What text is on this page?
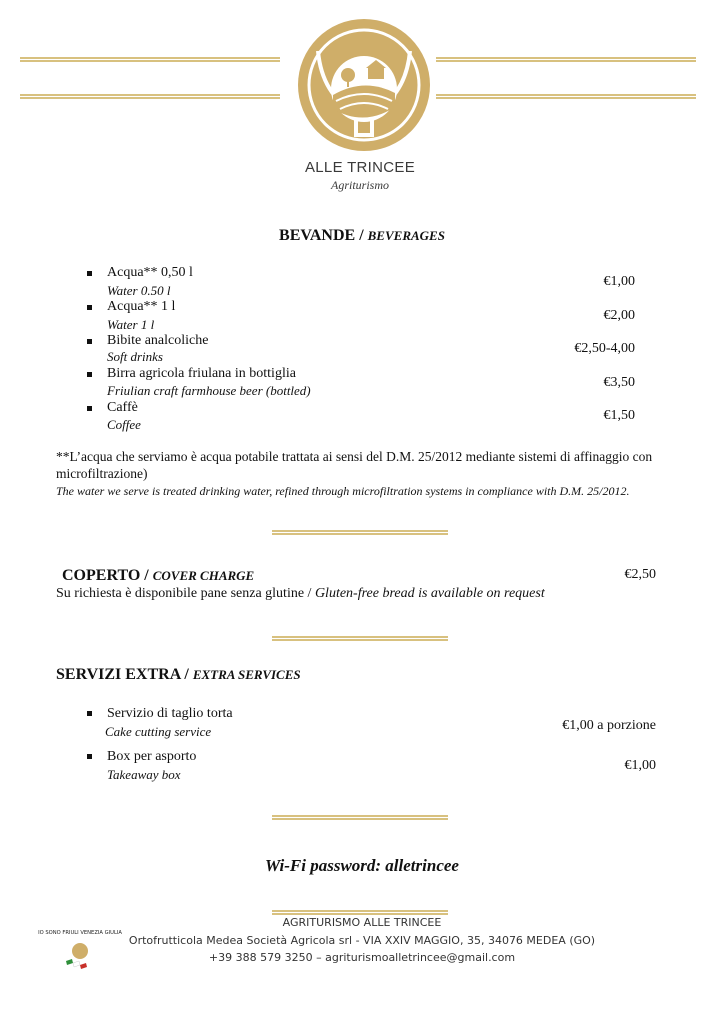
ALLE TRINCEE
Agriturismo
BEVANDE / BEVERAGES
Acqua** 0,50 l
Water 0.50 l
€1,00
Acqua** 1 l
Water 1 l
€2,00
Bibite analcoliche
Soft drinks
€2,50-4,00
Birra agricola friulana in bottiglia
Friulian craft farmhouse beer (bottled)
€3,50
Caffè
Coffee
€1,50
**L’acqua che serviamo è acqua potabile trattata ai sensi del D.M. 25/2012 mediante sistemi di affinaggio con microfiltrazione)
The water we serve is treated drinking water, refined through microfiltration systems in compliance with D.M. 25/2012.
COPERTO / COVER CHARGE	€2,50
Su richiesta è disponibile pane senza glutine / Gluten-free bread is available on request
SERVIZI EXTRA / EXTRA SERVICES
Servizio di taglio torta
Cake cutting service	€1,00 a porzione
Box per asporto
Takeaway box
€1,00
Wi-Fi password: alletrincee
IO SONO FRIULI VENEZIA GIULIA
AGRITURISMO ALLE TRINCEE
Ortofrutticola Medea Società Agricola srl - VIA XXIV MAGGIO, 35, 34076 MEDEA (GO)
+39 388 579 3250 – agriturismoalletrincee@gmail.com
